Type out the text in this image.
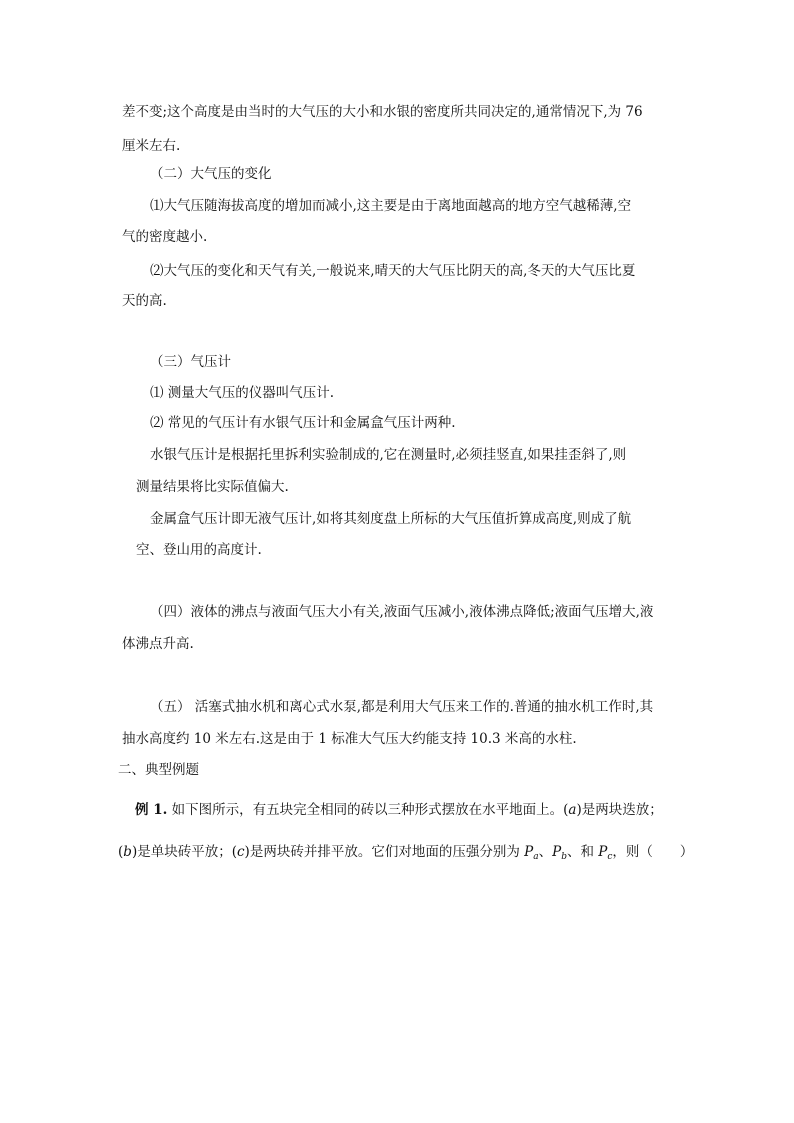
差不变;这个高度是由当时的大气压的大小和水银的密度所共同决定的,通常情况下,为 76
厘米左右.
（二）大气压的变化
⑴大气压随海拔高度的增加而减小,这主要是由于离地面越高的地方空气越稀薄,空
气的密度越小.
⑵大气压的变化和天气有关,一般说来,晴天的大气压比阴天的高,冬天的大气压比夏
天的高.
（三）气压计
⑴ 测量大气压的仪器叫气压计.
⑵ 常见的气压计有水银气压计和金属盒气压计两种.
水银气压计是根据托里拆利实验制成的,它在测量时,必须挂竖直,如果挂歪斜了,则
测量结果将比实际值偏大.
金属盒气压计即无液气压计,如将其刻度盘上所标的大气压值折算成高度,则成了航
空、登山用的高度计.
（四）液体的沸点与液面气压大小有关,液面气压减小,液体沸点降低;液面气压增大,液
体沸点升高.
（五） 活塞式抽水机和离心式水泵,都是利用大气压来工作的.普通的抽水机工作时,其
抽水高度约 10 米左右.这是由于 1 标准大气压大约能支持 10.3 米高的水柱.
二、典型例题
例 1. 如下图所示，有五块完全相同的砖以三种形式摆放在水平地面上。(a)是两块迭放；
(b)是单块砖平放；(c)是两块砖并排平放。它们对地面的压强分别为 $P_a$、$P_b$、和 $P_c$，则（　　）
